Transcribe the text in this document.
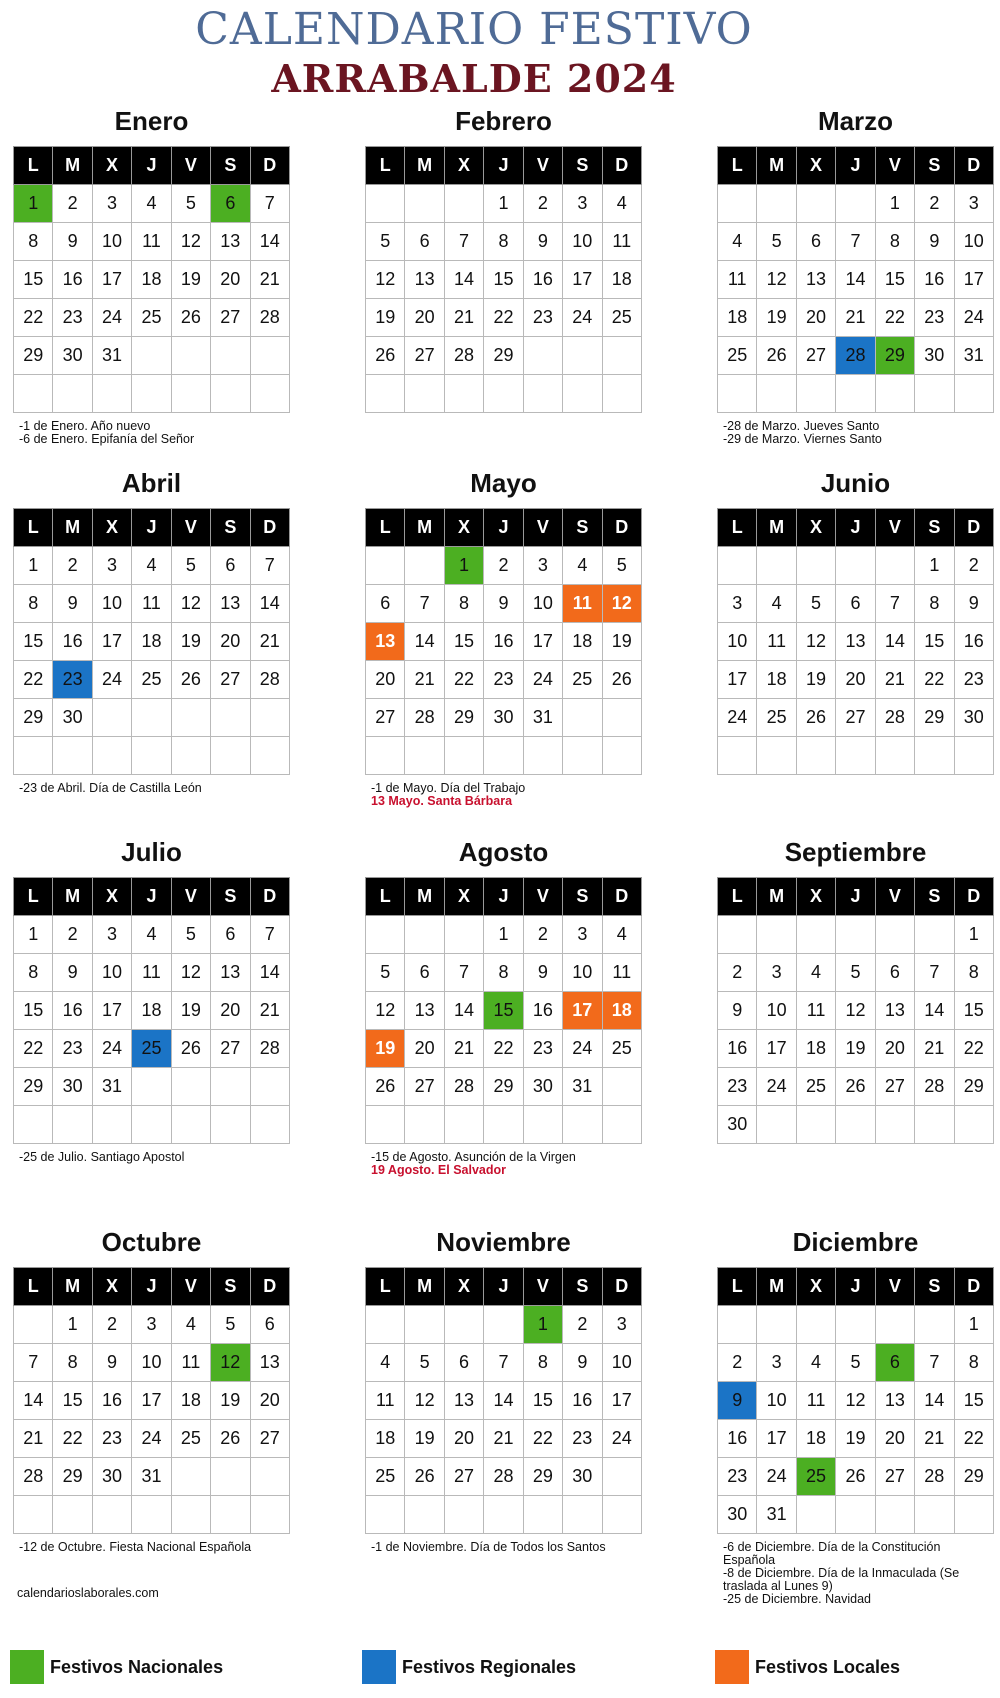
CALENDARIO FESTIVO
ARRABALDE 2024
Enero
L	M	X	J	V	S	D
1	2	3	4	5	6	7
8	9	10	11	12	13	14
15	16	17	18	19	20	21
22	23	24	25	26	27	28
29	30	31				

-1 de Enero. Año nuevo
-6 de Enero. Epifanía del Señor
Febrero
L	M	X	J	V	S	D
			1	2	3	4
5	6	7	8	9	10	11
12	13	14	15	16	17	18
19	20	21	22	23	24	25
26	27	28	29			

Marzo
L	M	X	J	V	S	D
				1	2	3
4	5	6	7	8	9	10
11	12	13	14	15	16	17
18	19	20	21	22	23	24
25	26	27	28	29	30	31

-28 de Marzo. Jueves Santo
-29 de Marzo. Viernes Santo
Abril
L	M	X	J	V	S	D
1	2	3	4	5	6	7
8	9	10	11	12	13	14
15	16	17	18	19	20	21
22	23	24	25	26	27	28
29	30					

-23 de Abril. Día de Castilla León
Mayo
L	M	X	J	V	S	D
		1	2	3	4	5
6	7	8	9	10	11	12
13	14	15	16	17	18	19
20	21	22	23	24	25	26
27	28	29	30	31		

-1 de Mayo. Día del Trabajo
13 Mayo. Santa Bárbara
Junio
L	M	X	J	V	S	D
					1	2
3	4	5	6	7	8	9
10	11	12	13	14	15	16
17	18	19	20	21	22	23
24	25	26	27	28	29	30

Julio
L	M	X	J	V	S	D
1	2	3	4	5	6	7
8	9	10	11	12	13	14
15	16	17	18	19	20	21
22	23	24	25	26	27	28
29	30	31				

-25 de Julio. Santiago Apostol
Agosto
L	M	X	J	V	S	D
			1	2	3	4
5	6	7	8	9	10	11
12	13	14	15	16	17	18
19	20	21	22	23	24	25
26	27	28	29	30	31	

-15 de Agosto. Asunción de la Virgen
19 Agosto. El Salvador
Septiembre
L	M	X	J	V	S	D
						1
2	3	4	5	6	7	8
9	10	11	12	13	14	15
16	17	18	19	20	21	22
23	24	25	26	27	28	29
30						
Octubre
L	M	X	J	V	S	D
	1	2	3	4	5	6
7	8	9	10	11	12	13
14	15	16	17	18	19	20
21	22	23	24	25	26	27
28	29	30	31			

-12 de Octubre. Fiesta Nacional Española
Noviembre
L	M	X	J	V	S	D
				1	2	3
4	5	6	7	8	9	10
11	12	13	14	15	16	17
18	19	20	21	22	23	24
25	26	27	28	29	30	

-1 de Noviembre. Día de Todos los Santos
Diciembre
L	M	X	J	V	S	D
						1
2	3	4	5	6	7	8
9	10	11	12	13	14	15
16	17	18	19	20	21	22
23	24	25	26	27	28	29
30	31					
-6 de Diciembre. Día de la Constitución Española
-8 de Diciembre. Día de la Inmaculada (Se traslada al Lunes 9)
-25 de Diciembre. Navidad
calendarioslaborales.com
Festivos Nacionales	Festivos Regionales	Festivos Locales
